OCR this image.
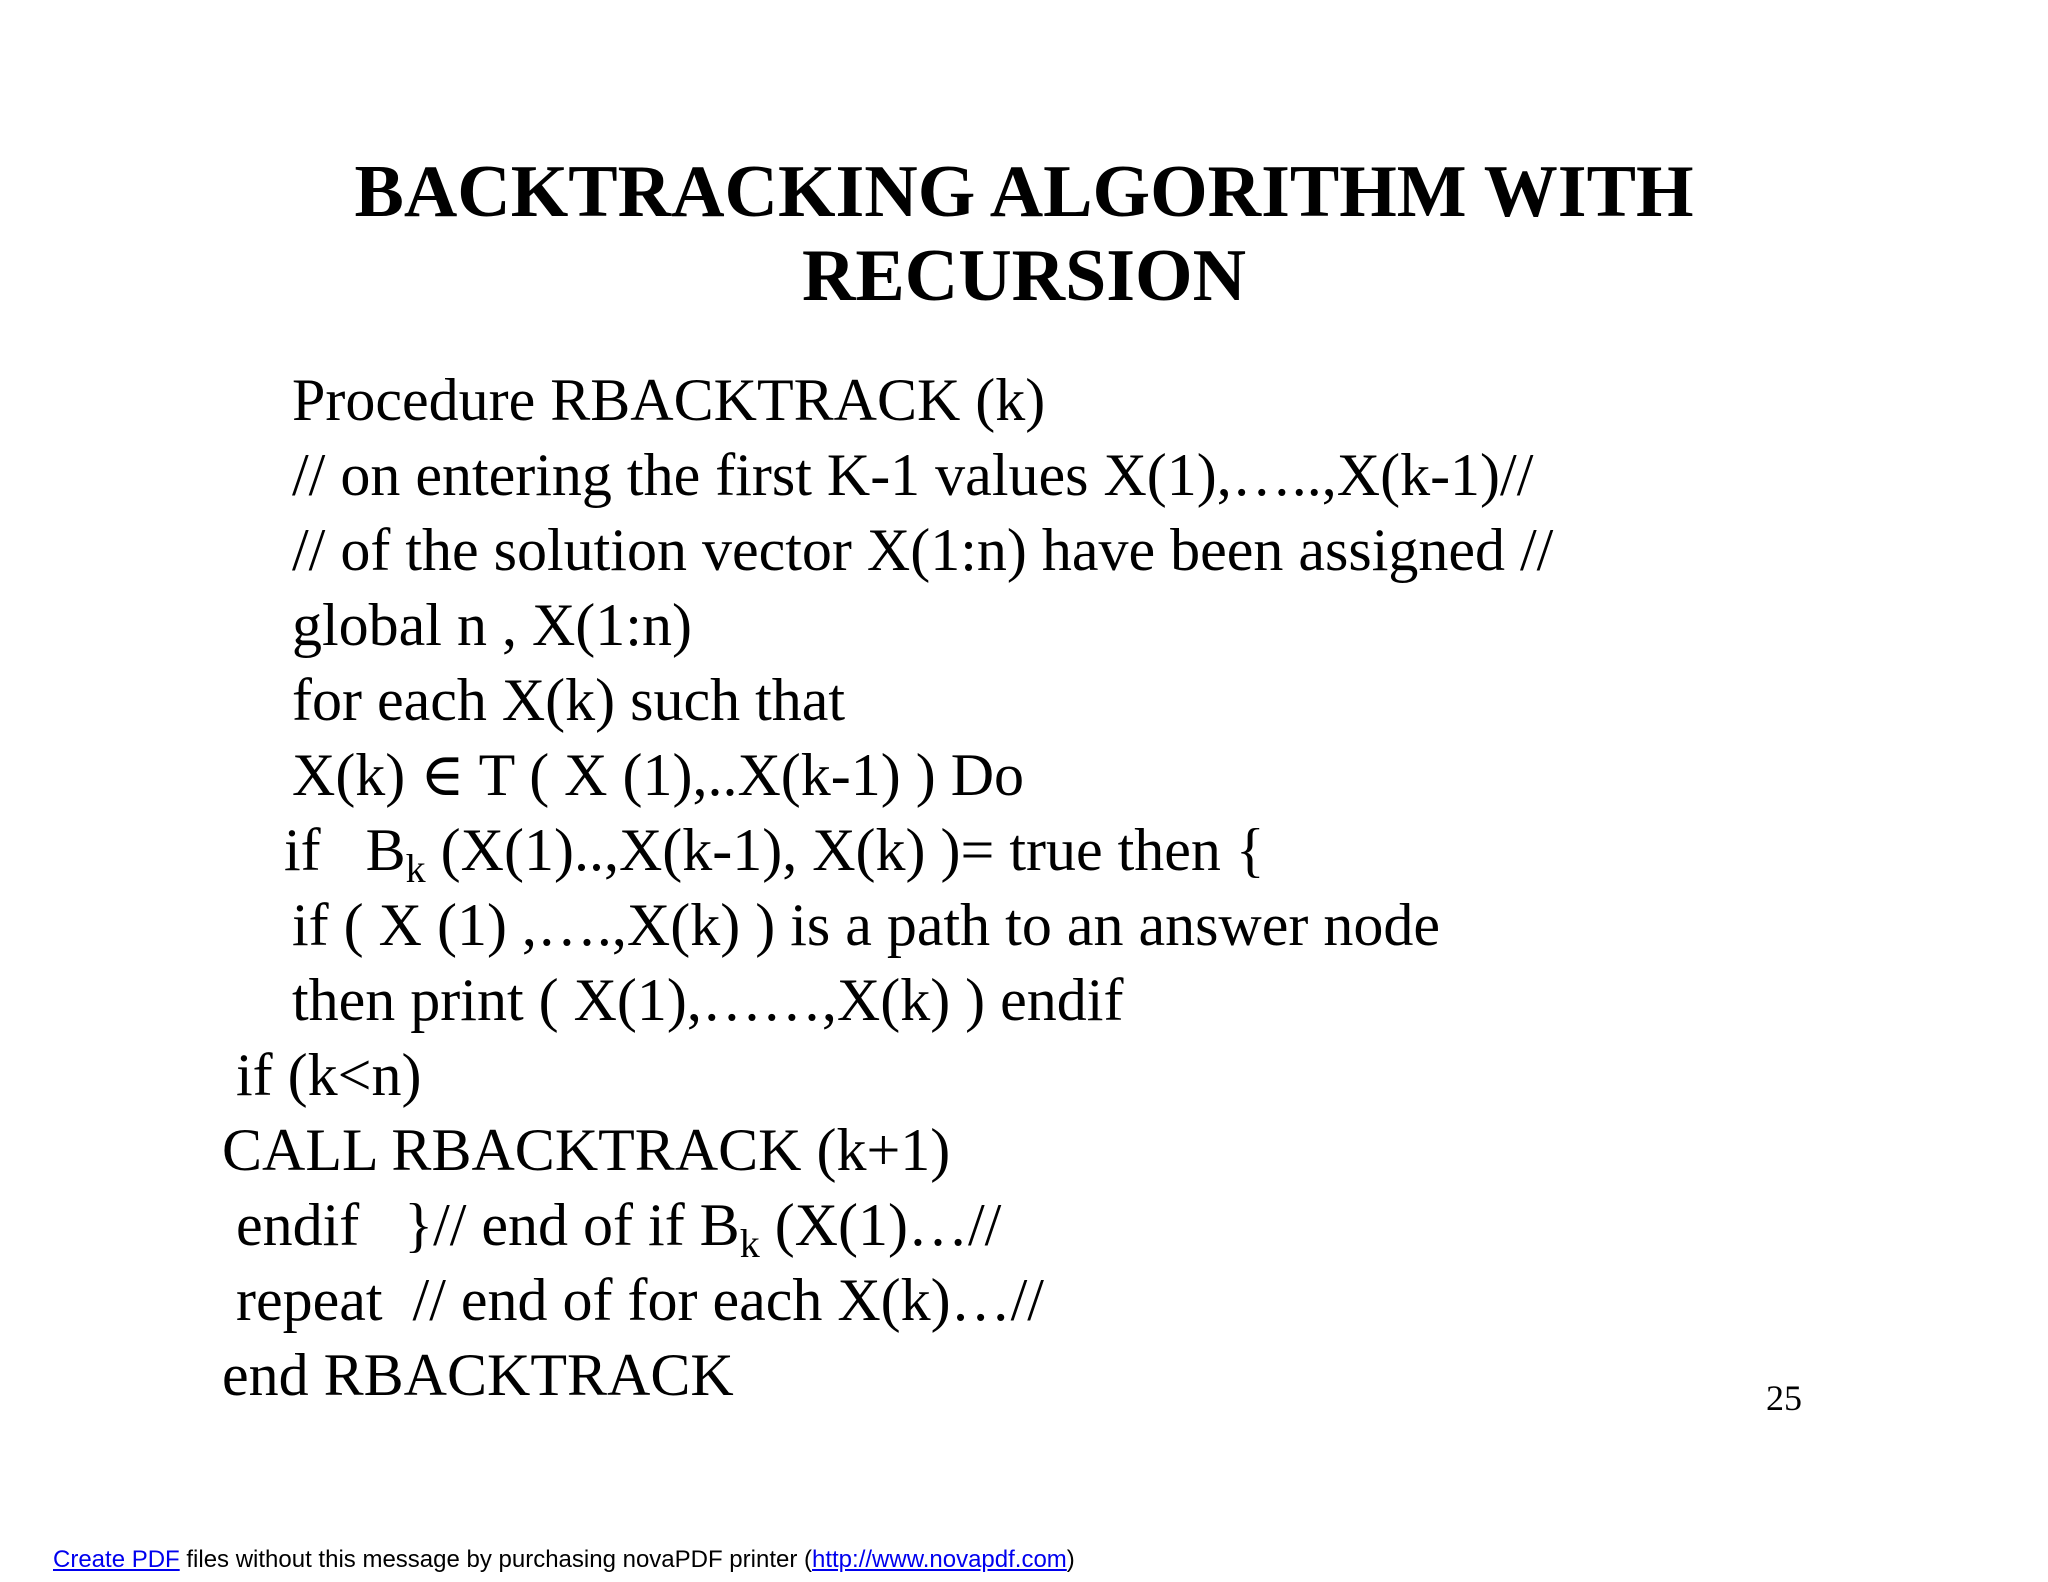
BACKTRACKING ALGORITHM WITH
RECURSION
Procedure RBACKTRACK (k)
// on entering the first K-1 values X(1),…..,X(k-1)//
// of the solution vector X(1:n) have been assigned //
global n , X(1:n)
for each X(k) such that
X(k) ∈ T ( X (1),..X(k-1) ) Do
if   $B_k$ (X(1)..,X(k-1), X(k) )= true then {
if ( X (1) ,….,X(k) ) is a path to an answer node
then print ( X(1),……,X(k) ) endif
if (k<n)
CALL RBACKTRACK (k+1)
endif   }// end of if $B_k$ (X(1)…//
repeat  // end of for each X(k)…//
end RBACKTRACK	25
Create PDF files without this message by purchasing novaPDF printer (http://www.novapdf.com)
